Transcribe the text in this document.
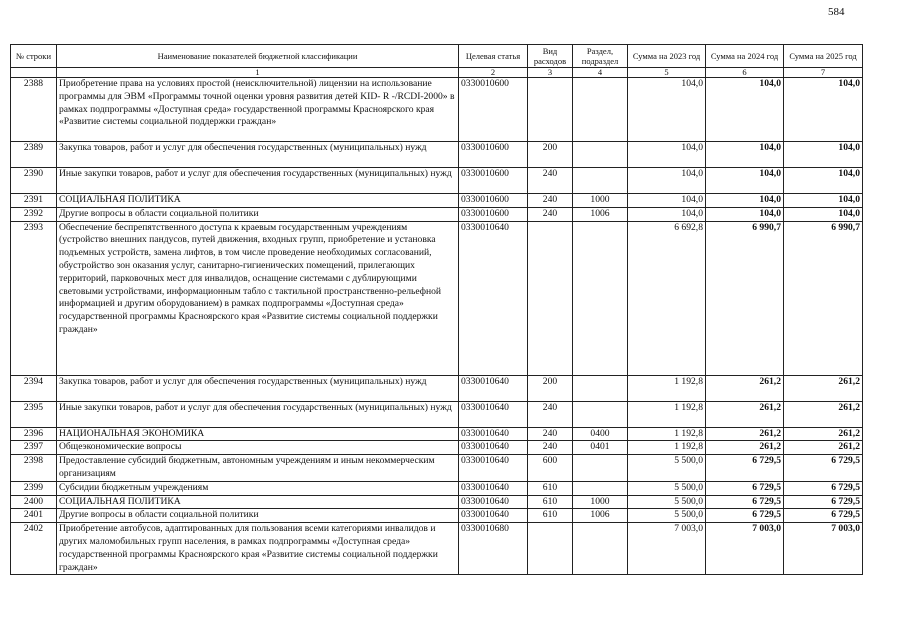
584
№ строки	Наименование показателей бюджетной классификации	Целевая статья	Вид расходов	Раздел, подраздел	Сумма на 2023 год	Сумма на 2024 год	Сумма на 2025 год
	1	2	3	4	5	6	7
2388	Приобретение права на условиях простой (неисключительной) лицензии на использование программы для ЭВМ «Программы точной оценки уровня развития детей KID- R -/RCDI-2000» в рамках подпрограммы «Доступная среда» государственной программы Красноярского края «Развитие системы социальной поддержки граждан»	0330010600			104,0	104,0	104,0
2389	Закупка товаров, работ и услуг для обеспечения государственных (муниципальных) нужд	0330010600	200		104,0	104,0	104,0
2390	Иные закупки товаров, работ и услуг для обеспечения государственных (муниципальных) нужд	0330010600	240		104,0	104,0	104,0
2391	СОЦИАЛЬНАЯ ПОЛИТИКА	0330010600	240	1000	104,0	104,0	104,0
2392	Другие вопросы в области социальной политики	0330010600	240	1006	104,0	104,0	104,0
2393	Обеспечение беспрепятственного доступа к краевым государственным учреждениям (устройство внешних пандусов, путей движения, входных групп, приобретение и установка подъемных устройств, замена лифтов, в том числе проведение необходимых согласований, обустройство зон оказания услуг, санитарно-гигиенических помещений, прилегающих территорий, парковочных мест для инвалидов, оснащение системами с дублирующими световыми устройствами, информационным табло с тактильной пространственно-рельефной информацией и другим оборудованием) в рамках подпрограммы «Доступная среда» государственной программы Красноярского края «Развитие системы социальной поддержки граждан»	0330010640			6 692,8	6 990,7	6 990,7
2394	Закупка товаров, работ и услуг для обеспечения государственных (муниципальных) нужд	0330010640	200		1 192,8	261,2	261,2
2395	Иные закупки товаров, работ и услуг для обеспечения государственных (муниципальных) нужд	0330010640	240		1 192,8	261,2	261,2
2396	НАЦИОНАЛЬНАЯ ЭКОНОМИКА	0330010640	240	0400	1 192,8	261,2	261,2
2397	Общеэкономические вопросы	0330010640	240	0401	1 192,8	261,2	261,2
2398	Предоставление субсидий бюджетным, автономным учреждениям и иным некоммерческим организациям	0330010640	600		5 500,0	6 729,5	6 729,5
2399	Субсидии бюджетным учреждениям	0330010640	610		5 500,0	6 729,5	6 729,5
2400	СОЦИАЛЬНАЯ ПОЛИТИКА	0330010640	610	1000	5 500,0	6 729,5	6 729,5
2401	Другие вопросы в области социальной политики	0330010640	610	1006	5 500,0	6 729,5	6 729,5
2402	Приобретение автобусов, адаптированных для пользования всеми категориями инвалидов и других маломобильных групп населения, в рамках подпрограммы «Доступная среда» государственной программы Красноярского края «Развитие системы социальной поддержки граждан»	0330010680			7 003,0	7 003,0	7 003,0
